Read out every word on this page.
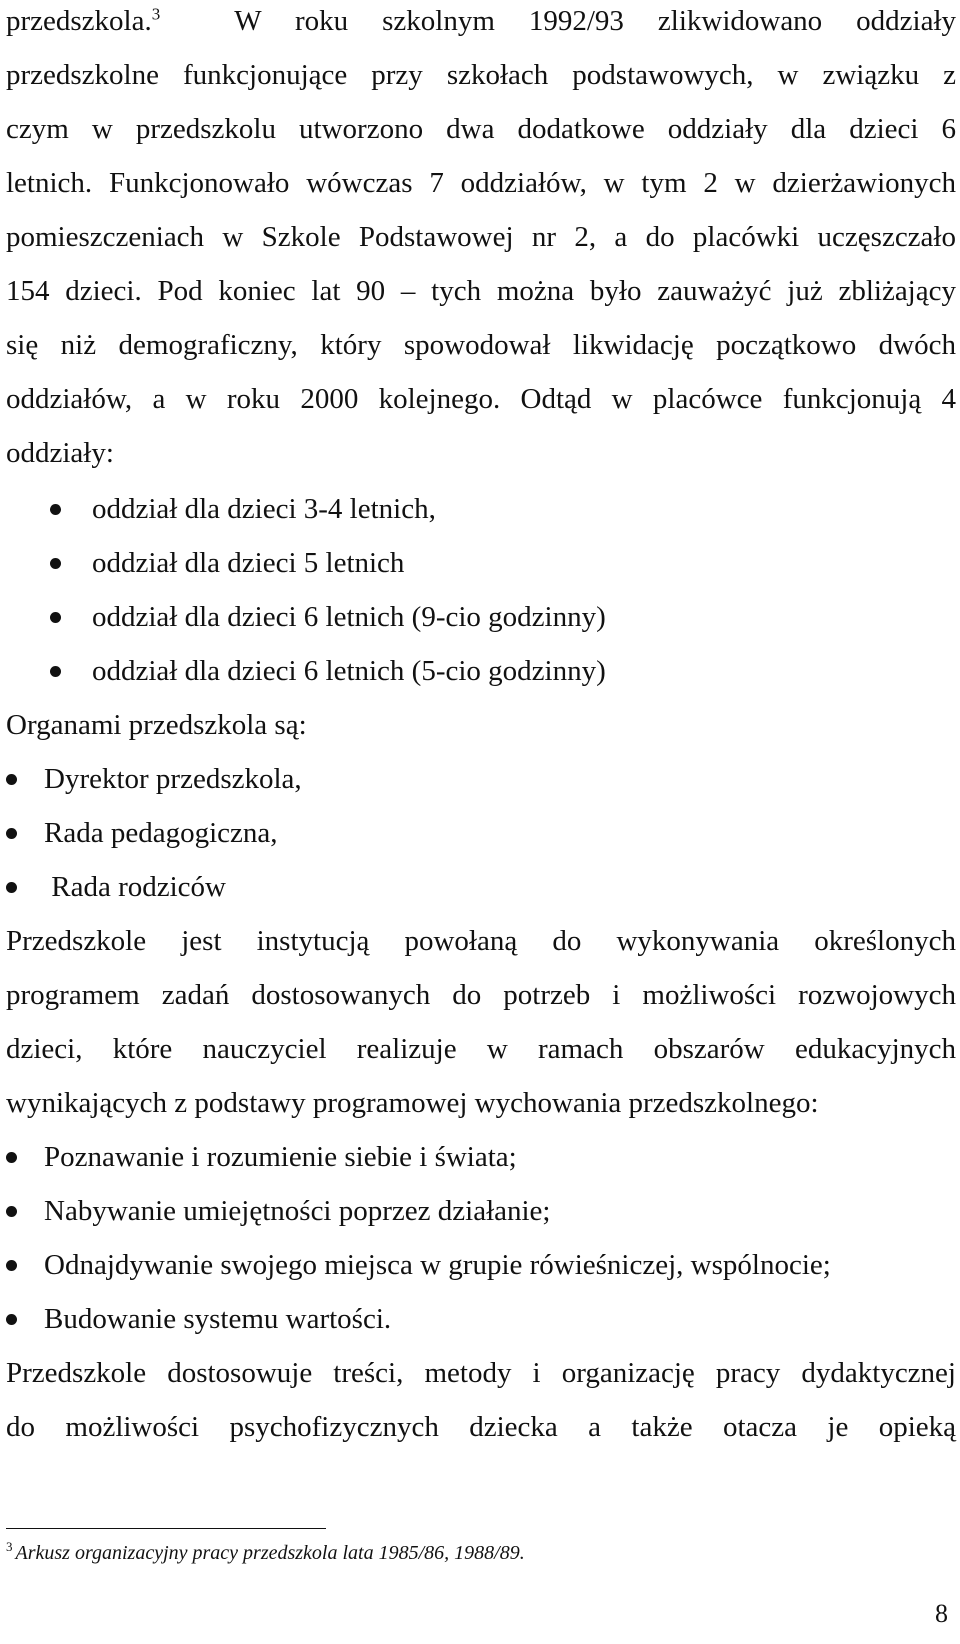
przedszkola.$^3$	W roku szkolnym 1992/93 zlikwidowano oddziały
przedszkolne funkcjonujące przy szkołach podstawowych, w związku z
czym w przedszkolu utworzono dwa dodatkowe oddziały dla dzieci 6
letnich. Funkcjonowało wówczas 7 oddziałów, w tym 2 w dzierżawionych
pomieszczeniach w Szkole Podstawowej nr 2, a do placówki uczęszczało
154 dzieci. Pod koniec lat 90 – tych można było zauważyć już zbliżający
się niż demograficzny, który spowodował likwidację początkowo dwóch
oddziałów, a w roku 2000 kolejnego. Odtąd w placówce funkcjonują 4
oddziały:
oddział dla dzieci 3-4 letnich,
oddział dla dzieci 5 letnich
oddział dla dzieci 6 letnich (9-cio godzinny)
oddział dla dzieci 6 letnich (5-cio godzinny)
Organami przedszkola są:
Dyrektor przedszkola,
Rada pedagogiczna,
Rada rodziców
Przedszkole jest instytucją powołaną do wykonywania określonych
programem zadań dostosowanych do potrzeb i możliwości rozwojowych
dzieci, które nauczyciel realizuje w ramach obszarów edukacyjnych
wynikających z podstawy programowej wychowania przedszkolnego:
Poznawanie i rozumienie siebie i świata;
Nabywanie umiejętności poprzez działanie;
Odnajdywanie swojego miejsca w grupie rówieśniczej, wspólnocie;
Budowanie systemu wartości.
Przedszkole dostosowuje treści, metody i organizację pracy dydaktycznej
do możliwości psychofizycznych dziecka a także otacza je opieką
$^3$ Arkusz organizacyjny pracy przedszkola lata 1985/86, 1988/89.
8
